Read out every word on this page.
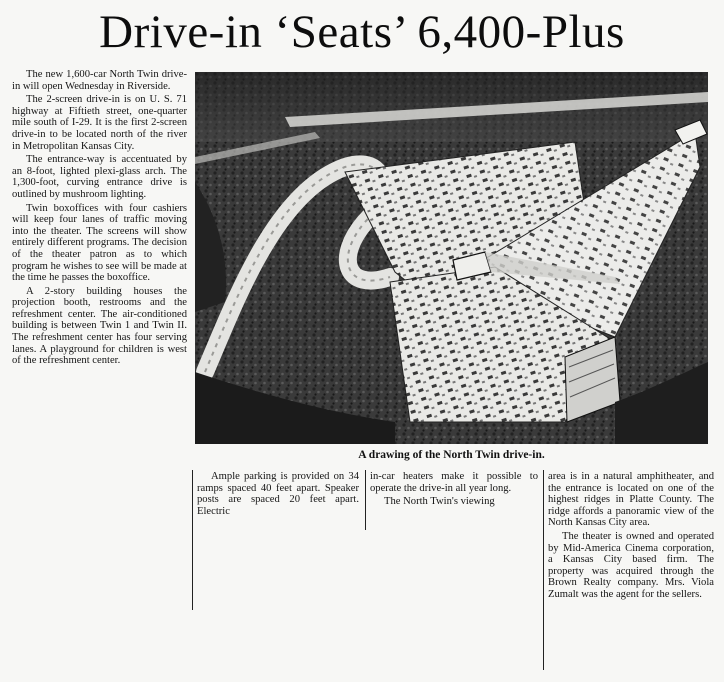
Drive-in ‘Seats’ 6,400-Plus

The new 1,600-car North Twin drive-in will open Wednesday in Riverside.

The 2-screen drive-in is on U. S. 71 highway at Fiftieth street, one-quarter mile south of I-29. It is the first 2-screen drive-in to be located north of the river in Metropolitan Kansas City.

The entrance-way is accentuated by an 8-foot, lighted plexi-glass arch. The 1,300-foot, curving entrance drive is outlined by mushroom lighting.

Twin boxoffices with four cashiers will keep four lanes of traffic moving into the theater. The screens will show entirely different programs. The decision of the theater patron as to which program he wishes to see will be made at the time he passes the boxoffice.

A 2-story building houses the projection booth, restrooms and the refreshment center. The air-conditioned building is between Twin 1 and Twin II. The refreshment center has four serving lanes. A playground for children is west of the refreshment center.

A drawing of the North Twin drive-in.

Ample parking is provided on 34 ramps spaced 40 feet apart. Speaker posts are spaced 20 feet apart. Electric

in-car heaters make it possible to operate the drive-in all year long.

The North Twin's viewing

area is in a natural amphitheater, and the entrance is located on one of the highest ridges in Platte County. The ridge affords a panoramic view of the North Kansas City area.

The theater is owned and operated by Mid-America Cinema corporation, a Kansas City based firm. The property was acquired through the Brown Realty company. Mrs. Viola Zumalt was the agent for the sellers.
